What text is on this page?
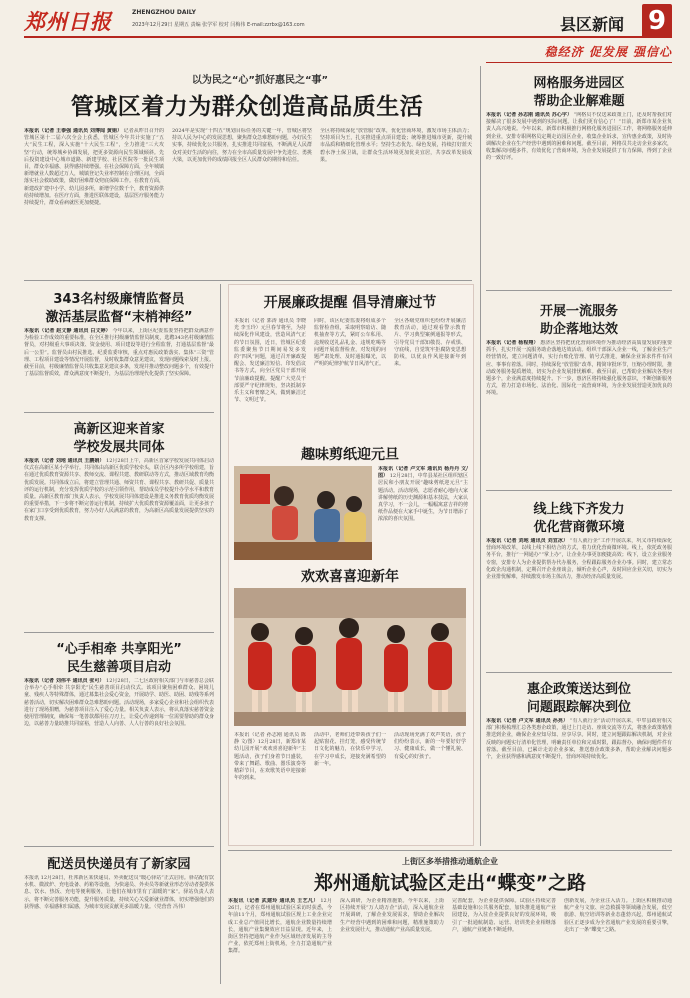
郑州日报	ZHENGZHOU DAILY
2023年12月29日 星期五 责编 张学军 校对 闫梅伟 E-mail:zzrbx@163.com	县区新闻 9
稳经济 促发展 强信心
以为民之“心”抓好惠民之“事”
管城区着力为群众创造高品质生活
本报讯（记者 王泰强 通讯员 刘博闻 黄娟） 记者从昨日召开的管城区第十二届六次全会上获悉，管城区今年共计实施了“五大”民生工程，深入实施“十大民生工程”，全力推进“三大攻坚”行动，统筹城乡协调发展，把更多资源向民生领域倾斜。先后投资建设中心城市道路、新建学校、社区医院等一批民生项目，群众幸福感、获得感持续增强。在社会保障方面，全年城镇新增就业人数超过万人，城镇登记失业率控制在合理区间，全面落实社会救助政策，做好困难群众兜底保障工作。在教育方面，新建改扩建中小学、幼儿园多所，新增学位数千个，教育资源供给持续增加。在医疗方面，推进医联体建设，基层医疗服务能力持续提升，群众看病就医更加便捷。
2024年是实现“十四五”规划目标任务的关键一年，管城区将坚持以人民为中心的发展思想，聚焦群众急难愁盼问题，办好民生实事，持续优化公共服务，扎实推进共同富裕，不断满足人民群众对美好生活的向往，努力在全市高质量发展中争先进位、勇挑大梁，以更加优异的成绩回报全区人民群众的期待和信任。
全区将持续深化“放管服”改革，优化营商环境，激发市场主体活力；坚持项目为王，扎实推进重点项目建设；统筹推进城市更新，提升城市品质和精细化管理水平；坚持生态优先、绿色发展，持续打好蓝天碧水净土保卫战，让群众生活环境更加优美宜居，共享改革发展成果。
343名村级廉情监督员
激活基层监督“末梢神经”
本报讯（记者 赵文静 通讯员 白文婷） 今年以来，上街区纪委监委坚持把群众满意作为检验工作成效的重要标准，在全区推行村级廉情监督员制度，选聘343名村级廉情监督员，对村级重大事项决策、资金使用、项目建设等进行全程监督，打通基层监督“最后一公里”。监督员由村民推选、纪委监委审核，重点对惠民政策落实、集体“三资”管理、工程项目建设等情况开展监督，及时收集群众意见建议，发现问题线索及时上报。截至目前，村级廉情监督员共收集意见建议多条，发现并推动整改问题多个，有效提升了基层监督质效，群众满意度不断提升，为基层治理现代化提供了坚实保障。
高新区迎来首家
学校发展共同体
本报讯（记者 刘地 通讯员 王鹏娟） 12月28日上午，高新区首家学校发展共同体启动仪式在高新区某小学举行。共同体由高新区优质学校牵头，联合区内多所学校组建，旨在通过优质教育资源共享、教师交流、课程共建、教研联动等方式，推动区域教育均衡优质发展。共同体成立后，将建立管理共通、师资共育、课程共享、教研共促、质量共评的运行机制，充分发挥优质学校的示范引领作用，帮助成员学校提升办学水平和教育质量。高新区教育部门负责人表示，学校发展共同体建设是推进义务教育优质均衡发展的重要举措，下一步将不断完善运行机制，持续扩大优质教育资源覆盖面，让更多孩子在家门口享受到优质教育，努力办好人民满意的教育，为高新区高质量发展提供坚实的教育支撑。
“心手相牵 共享阳光”
民生慈善项目启动
本报讯（记者 刘伟平 通讯员 张可） 12月28日，二七区政府相关部门与市慈善总会联合举办“心手相牵 共享阳光”民生慈善项目启动仪式。该项目聚焦困难群众、困境儿童、残疾人等特殊群体，通过募集社会爱心资金，开展助学、助医、助困、助残等系列慈善活动，切实解决困难群众急难愁盼问题。活动现场，多家爱心企业和社会组织代表进行了现场捐赠，为慈善项目注入了爱心力量。相关负责人表示，将认真落实慈善资金使用管理制度，确保每一笔善款都用在刀刃上，让爱心传递到每一位需要帮助的群众身边，以慈善力量助推共同富裕，营造人人向善、人人行善的良好社会氛围。
配送员快递员有了新家园
本报讯 12月28日，杜邦新区某快递员、外卖配送员“暖心驿站”正式启用。驿站配有饮水机、微波炉、充电设备、药箱等设施，为快递员、外卖员等新就业形态劳动者提供休息、饮水、热饭、充电等便利服务，让他们在城市里有了温暖的“家”。驿站负责人表示，将不断完善服务功能，提升服务质量，持续关心关爱新就业群体，切实增强他们的获得感、幸福感和归属感，为城市发展贡献更多温暖力量。（党营营 冯伟）
开展廉政提醒 倡导清廉过节
本报讯（记者 郭涛 通讯员 李晓光 李玉玲）元旦春节将至，为持续深化作风建设，营造风清气正的节日氛围，近日，管城区纪委监委聚焦节日期间易发多发的“四风”问题，通过召开廉政提醒会、发送廉洁短信、印发倡议书等方式，向全区党员干部开展节前廉政提醒。提醒广大党员干部要严守纪律规矩，坚决抵制享乐主义和奢靡之风，做到廉洁过节、文明过节。
同时，该区纪委监委将组成多个监督检查组，采取明察暗访、随机抽查等方式，紧盯公车私用、违规收送礼品礼金、违规吃喝等问题开展监督检查，对发现的问题严肃处理、及时通报曝光，以严明的纪律护航节日风清气正。
全区各级党组织也纷纷开展廉洁教育活动，通过观看警示教育片、学习典型案例通报等形式，引导党员干部知敬畏、存戒惧、守底线，自觉筑牢拒腐防变思想防线，以优良作风迎接新年到来。
趣味剪纸迎元旦
本报讯（记者 卢文军 通讯员 杨丹丹 文/图） 12月28日，中牟县某社区组织辖区居民和小朋友开展“趣味剪纸迎元旦”主题活动。活动现场，志愿者耐心地向大家讲解剪纸的历史渊源和基本技法，大家认真学习，不一会儿，一幅幅寓意吉祥的剪纸作品便在大家手中诞生，为节日增添了浓浓的喜庆氛围。
欢欢喜喜迎新年
本报讯（记者 孙志刚 通讯员 陈静 文/图）12月28日，新郑市某幼儿园开展“欢欢喜喜迎新年”主题活动，孩子们身着节日盛装，带来了舞蹈、歌曲、器乐演奏等精彩节目，在欢歌笑语中迎接新年的到来。
活动中，老师们还带领孩子们一起贴窗花、挂灯笼，感受传统节日文化的魅力，在快乐中学习，在学习中成长，迎接充满希望的新一年。
活动现场充满了欢声笑语，孩子们纷纷表示，新的一年要好好学习、健康成长，做一个懂礼貌、有爱心的好孩子。
网格服务进园区
帮助企业解难题
本报讯（记者 孙志刚 通讯员 苏心宇） “网格员不仅送来政策上门，还及时帮我们对接解决了很多发展中遇到的实际问题。让我们更有信心了！”日前，新郑市某企业负责人高兴地说。今年以来，新郑市积极推行网格化服务进园区工作，将网格服务延伸到企业，安排专职网格员定期走访园区企业，收集企业诉求，宣传惠企政策，及时协调解决企业在生产经营中遇到的困难和问题。截至目前，网格员共走访企业多家次，收集解决问题多件，有效优化了营商环境，为企业发展提供了有力保障，得到了企业的一致好评。
开展一流服务
助企落地达效
本报讯（记者 杨程翔） 惠济区坚持把优化营商环境作为推动经济高质量发展的重要抓手，扎实开展一流服务助企落地达效活动。组织干部深入企业一线，了解企业生产经营情况，建立问题清单，实行台账化管理、销号式推进，确保企业诉求件件有回应、事事有着落。同时，持续深化“放管服”改革，精简审批环节，压缩办理时限，推动政务服务提质增效，切实为企业发展排忧解难。截至目前，已帮助企业解决各类问题多个，企业满意度持续提升。下一步，惠济区将持续强化服务意识，不断创新服务方式，着力打造市场化、法治化、国际化一流营商环境，为企业发展营造更加优良的环境。
线上线下齐发力
优化营商微环境
本报讯（记者 刘地 通讯员 刘宜冰） “有人就行企”工作开展以来，巩义市持续深化营商环境改革，以线上线下相结合的方式，着力优化营商微环境。线上，依托政务服务平台，推行“一网通办”“掌上办”，让企业办事更加便捷高效；线下，设立企业服务专窗，安排专人为企业提供帮办代办服务，全程跟踪服务企业办事。同时，建立常态化政企沟通机制，定期召开企业座谈会，倾听企业心声，及时回应企业关切，切实为企业排忧解难，持续激发市场主体活力，推动经济高质量发展。
惠企政策送达到位
问题跟踪解决到位
本报讯（记者 卢文军 通讯员 孙亮） “有人就行企”活动开展以来，中牟县政府相关部门积极梳理汇总各类惠企政策，通过上门走访、座谈交流等方式，将惠企政策精准推送到企业，确保企业应知尽知、应享尽享。同时，建立问题跟踪解决机制，对企业反映的问题实行清单化管理，明确责任单位和完成时限，跟踪督办，确保问题件件有着落。截至目前，已累计走访企业多家，推送惠企政策多条，帮助企业解决问题多个，企业获得感和满意度不断提升，营商环境持续优化。
上街区多举措推动通航企业
郑州通航试验区走出“蝶变”之路
本报讯（记者 武建玲 通讯员 王艺凡） 12月26日，记者在郑州通航试验区采访时获悉，今年前11个月，郑州通航试验区规上工业企业完成工业总产值同比增长，通航企业数量持续增长，通航产业集聚效应日益显现。近年来，上街区坚持把通航产业作为区域经济发展的主导产业，依托郑州上街机场，全力打造通航产业集群。
深入调研，为企业精准施策。今年以来，上街区持续开展“万人助万企”活动，深入通航企业开展调研，了解企业发展需求，帮助企业解决生产经营中遇到的困难和问题，精准施策助力企业发展壮大，推动通航产业高质量发展。
完善配套，为企业提供保障。试验区持续完善基础设施和公共服务配套，加快推进通航产业园建设，为入驻企业提供良好的发展环境，吸引了一批通航制造、运营、培训类企业相继落户，通航产业链条不断延伸。
创新发展，为企业注入活力。上街区积极推动通航产业与文旅、应急救援等领域融合发展，低空旅游、航空培训等新业态蓬勃兴起，郑州通航试验区正逐步成为全省通航产业发展的重要引擎，走出了一条“蝶变”之路。
